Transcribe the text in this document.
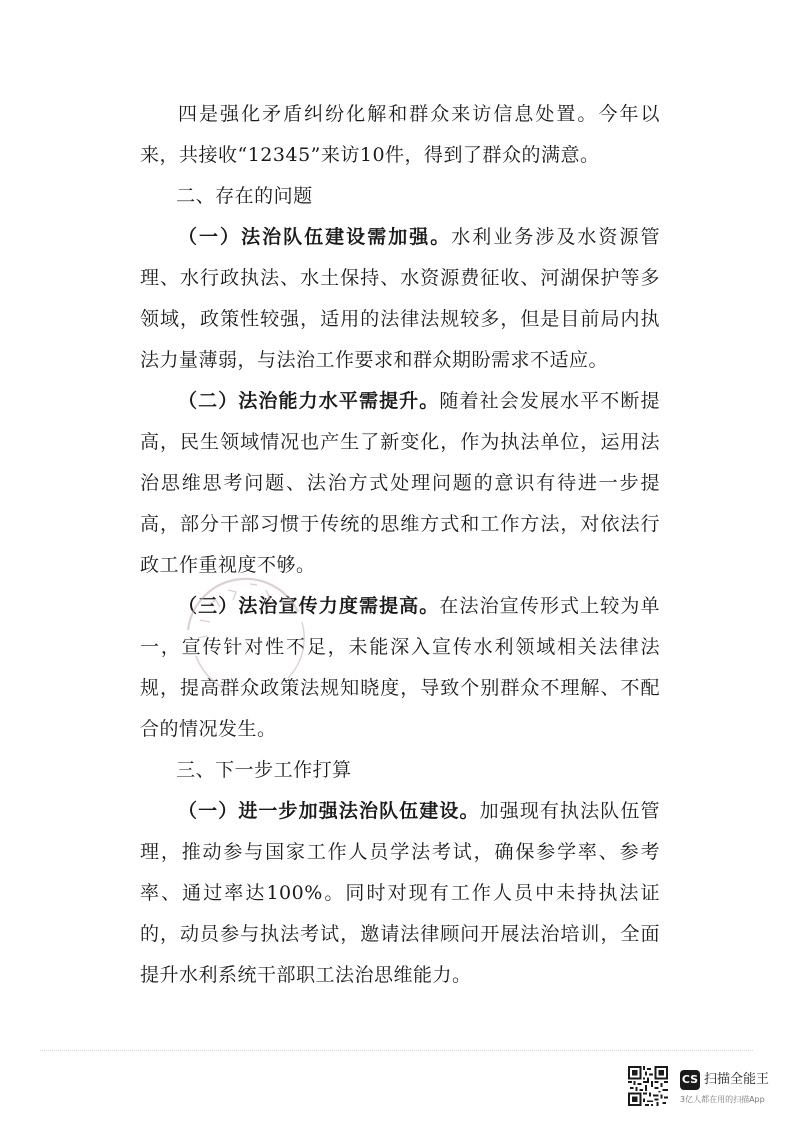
四是强化矛盾纠纷化解和群众来访信息处置。今年以来，共接收“12345”来访10件，得到了群众的满意。

二、存在的问题

（一）法治队伍建设需加强。水利业务涉及水资源管理、水行政执法、水土保持、水资源费征收、河湖保护等多领域，政策性较强，适用的法律法规较多，但是目前局内执法力量薄弱，与法治工作要求和群众期盼需求不适应。

（二）法治能力水平需提升。随着社会发展水平不断提高，民生领域情况也产生了新变化，作为执法单位，运用法治思维思考问题、法治方式处理问题的意识有待进一步提高，部分干部习惯于传统的思维方式和工作方法，对依法行政工作重视度不够。

（三）法治宣传力度需提高。在法治宣传形式上较为单一，宣传针对性不足，未能深入宣传水利领域相关法律法规，提高群众政策法规知晓度，导致个别群众不理解、不配合的情况发生。

三、下一步工作打算

（一）进一步加强法治队伍建设。加强现有执法队伍管理，推动参与国家工作人员学法考试，确保参学率、参考率、通过率达100%。同时对现有工作人员中未持执法证的，动员参与执法考试，邀请法律顾问开展法治培训，全面提升水利系统干部职工法治思维能力。

CS 扫描全能王
3亿人都在用的扫描App
